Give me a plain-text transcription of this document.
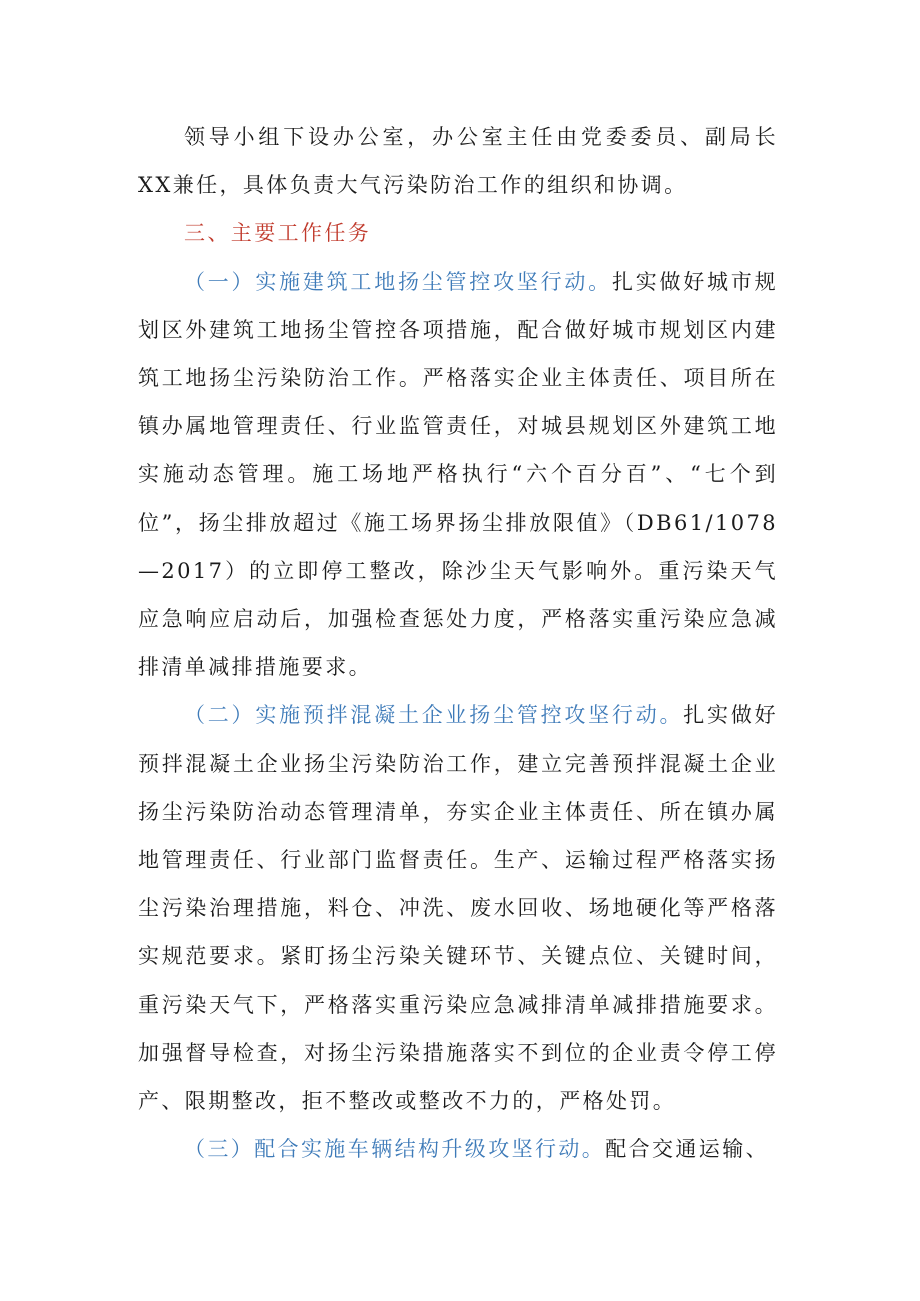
领导小组下设办公室，办公室主任由党委委员、副局长XX兼任，具体负责大气污染防治工作的组织和协调。

三、主要工作任务

（一）实施建筑工地扬尘管控攻坚行动。扎实做好城市规划区外建筑工地扬尘管控各项措施，配合做好城市规划区内建筑工地扬尘污染防治工作。严格落实企业主体责任、项目所在镇办属地管理责任、行业监管责任，对城县规划区外建筑工地实施动态管理。施工场地严格执行“六个百分百”、“七个到位”，扬尘排放超过《施工场界扬尘排放限值》（DB61/1078—2017）的立即停工整改，除沙尘天气影响外。重污染天气应急响应启动后，加强检查惩处力度，严格落实重污染应急减排清单减排措施要求。

（二）实施预拌混凝土企业扬尘管控攻坚行动。扎实做好预拌混凝土企业扬尘污染防治工作，建立完善预拌混凝土企业扬尘污染防治动态管理清单，夯实企业主体责任、所在镇办属地管理责任、行业部门监督责任。生产、运输过程严格落实扬尘污染治理措施，料仓、冲洗、废水回收、场地硬化等严格落实规范要求。紧盯扬尘污染关键环节、关键点位、关键时间，重污染天气下，严格落实重污染应急减排清单减排措施要求。加强督导检查，对扬尘污染措施落实不到位的企业责令停工停产、限期整改，拒不整改或整改不力的，严格处罚。

（三）配合实施车辆结构升级攻坚行动。配合交通运输、
